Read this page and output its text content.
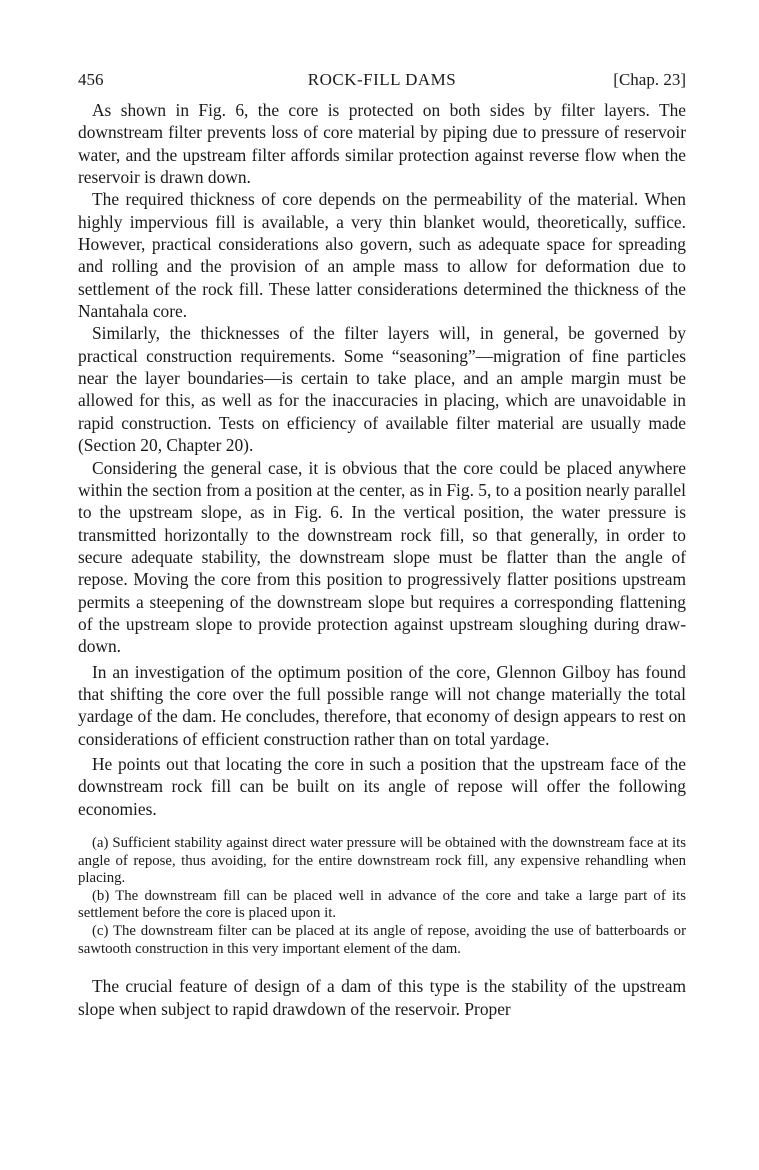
456	ROCK-FILL DAMS	[Chap. 23]

As shown in Fig. 6, the core is protected on both sides by filter layers. The downstream filter prevents loss of core material by piping due to pressure of reservoir water, and the upstream filter affords similar protection against reverse flow when the reservoir is drawn down.

The required thickness of core depends on the permeability of the material. When highly impervious fill is available, a very thin blanket would, theoretically, suffice. However, practical considerations also govern, such as adequate space for spreading and rolling and the provision of an ample mass to allow for deformation due to settlement of the rock fill. These latter considerations determined the thickness of the Nantahala core.

Similarly, the thicknesses of the filter layers will, in general, be governed by practical construction requirements. Some “seasoning”—migration of fine particles near the layer boundaries—is certain to take place, and an ample margin must be allowed for this, as well as for the inaccuracies in placing, which are unavoidable in rapid construction. Tests on efficiency of available filter material are usually made (Section 20, Chapter 20).

Considering the general case, it is obvious that the core could be placed anywhere within the section from a position at the center, as in Fig. 5, to a position nearly parallel to the upstream slope, as in Fig. 6. In the vertical position, the water pressure is transmitted horizontally to the downstream rock fill, so that generally, in order to secure adequate stability, the downstream slope must be flatter than the angle of repose. Moving the core from this position to progressively flatter positions upstream permits a steepening of the downstream slope but requires a corresponding flattening of the upstream slope to provide protection against upstream sloughing during drawdown.

In an investigation of the optimum position of the core, Glennon Gilboy has found that shifting the core over the full possible range will not change materially the total yardage of the dam. He concludes, therefore, that economy of design appears to rest on considerations of efficient construction rather than on total yardage.

He points out that locating the core in such a position that the upstream face of the downstream rock fill can be built on its angle of repose will offer the following economies.

(a) Sufficient stability against direct water pressure will be obtained with the downstream face at its angle of repose, thus avoiding, for the entire downstream rock fill, any expensive rehandling when placing.

(b) The downstream fill can be placed well in advance of the core and take a large part of its settlement before the core is placed upon it.

(c) The downstream filter can be placed at its angle of repose, avoiding the use of batterboards or sawtooth construction in this very important element of the dam.

The crucial feature of design of a dam of this type is the stability of the upstream slope when subject to rapid drawdown of the reservoir. Proper
